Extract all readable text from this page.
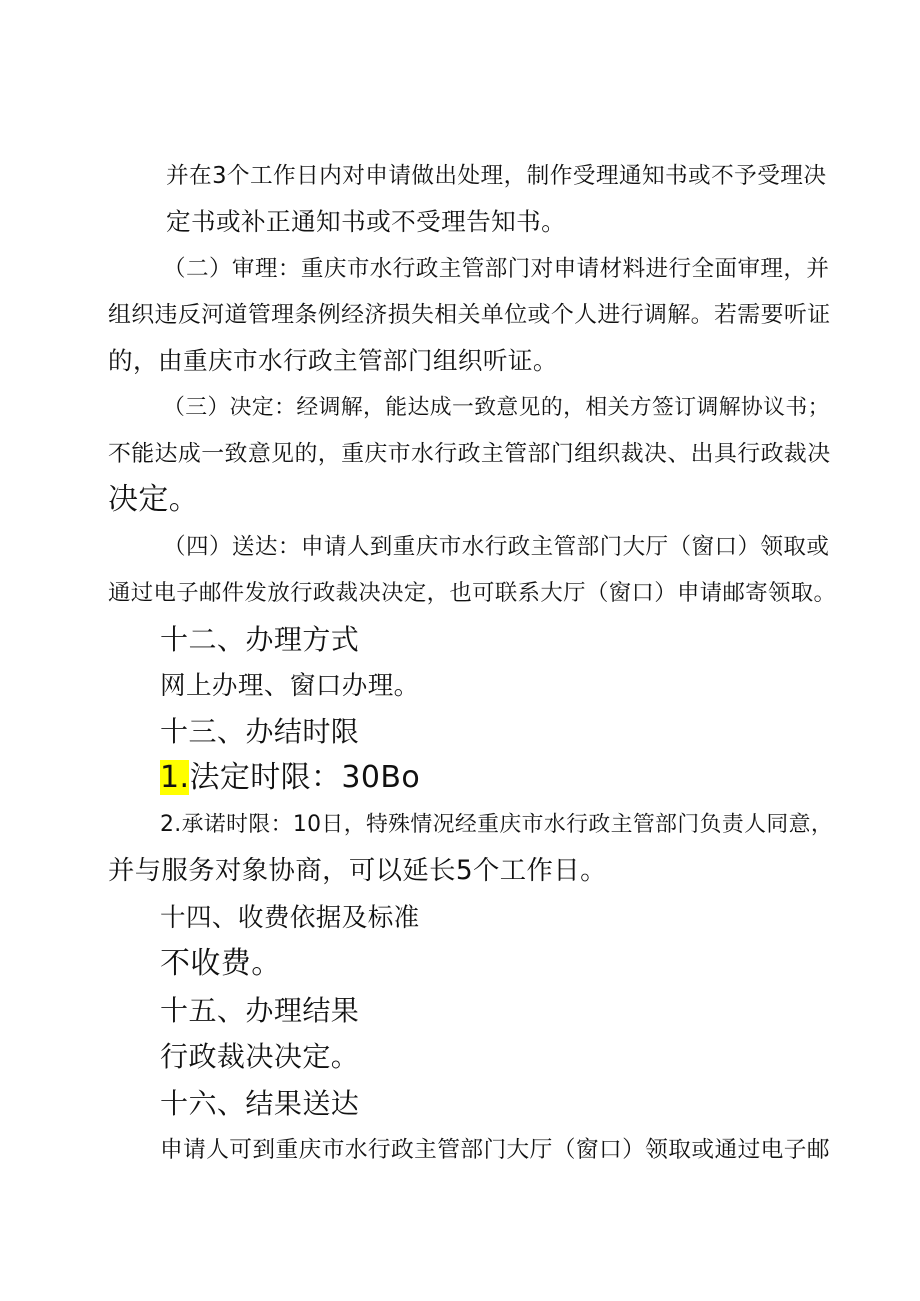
并在3个工作日内对申请做出处理，制作受理通知书或不予受理决
定书或补正通知书或不受理告知书。
（二）审理：重庆市水行政主管部门对申请材料进行全面审理，并
组织违反河道管理条例经济损失相关单位或个人进行调解。若需要听证
的，由重庆市水行政主管部门组织听证。
（三）决定：经调解，能达成一致意见的，相关方签订调解协议书；
不能达成一致意见的，重庆市水行政主管部门组织裁决、出具行政裁决
决定。
（四）送达：申请人到重庆市水行政主管部门大厅（窗口）领取或
通过电子邮件发放行政裁决决定，也可联系大厅（窗口）申请邮寄领取。
十二、办理方式
网上办理、窗口办理。
十三、办结时限
1.法定时限：30Bo
2.承诺时限：10日，特殊情况经重庆市水行政主管部门负责人同意，
并与服务对象协商，可以延长5个工作日。
十四、收费依据及标准
不收费。
十五、办理结果
行政裁决决定。
十六、结果送达
申请人可到重庆市水行政主管部门大厅（窗口）领取或通过电子邮
